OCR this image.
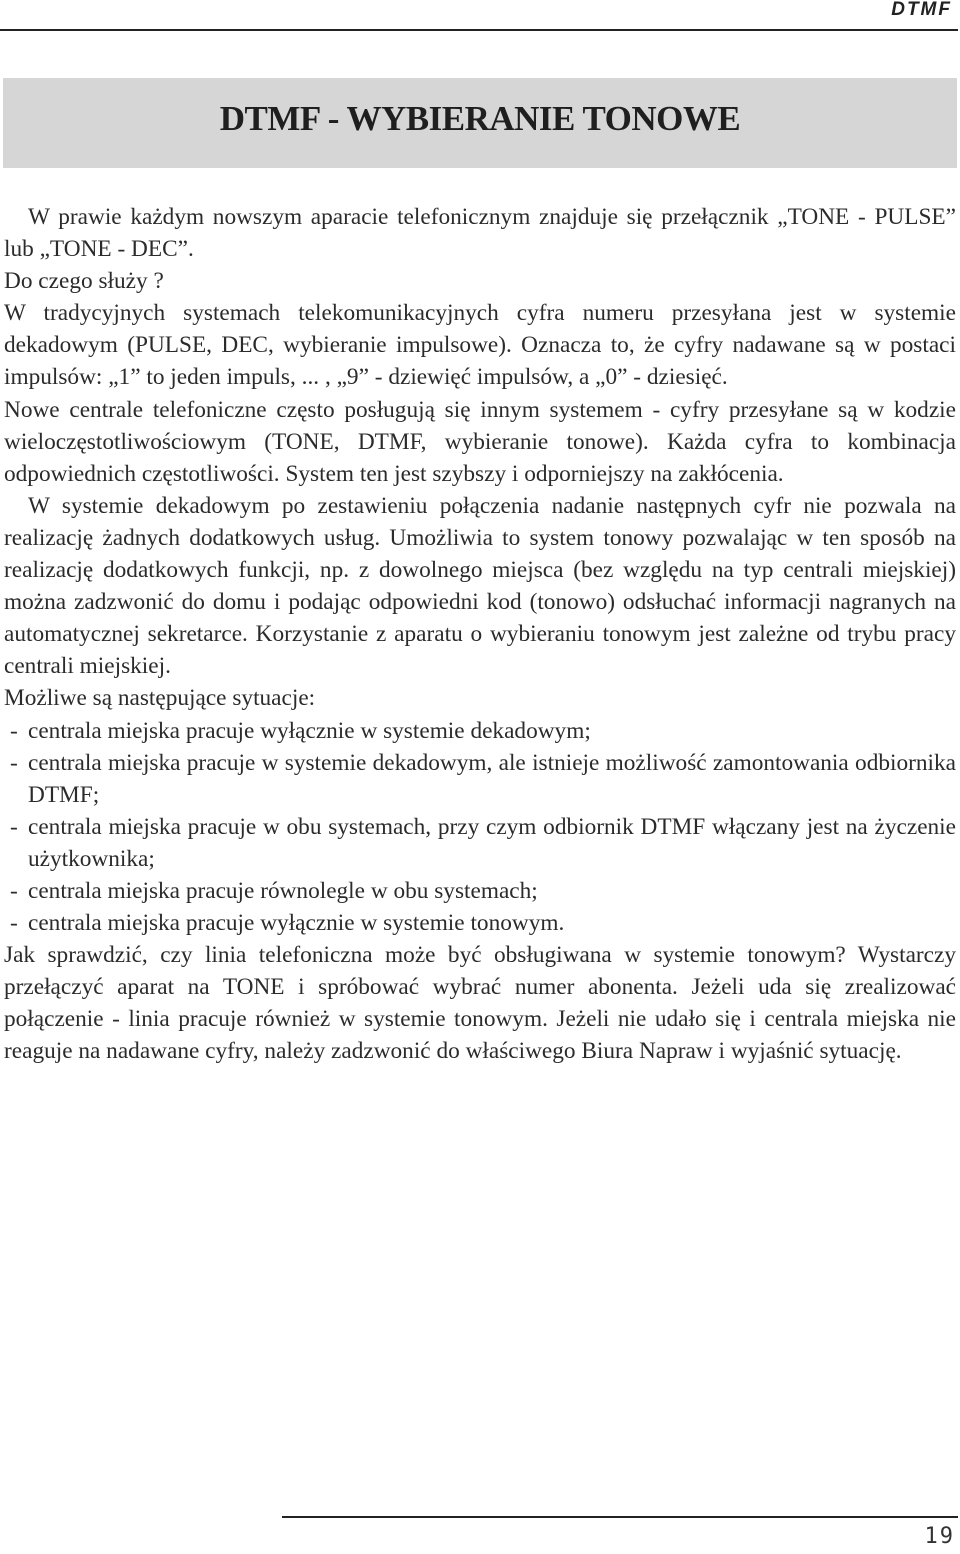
DTMF
DTMF - WYBIERANIE TONOWE

W prawie każdym nowszym aparacie telefonicznym znajduje się przełącznik „TONE - PULSE” lub „TONE - DEC”.

Do czego służy ?

W tradycyjnych systemach telekomunikacyjnych cyfra numeru przesyłana jest w systemie dekadowym (PULSE, DEC, wybieranie impulsowe). Oznacza to, że cyfry nadawane są w postaci impulsów: „1” to jeden impuls, ... , „9” - dziewięć impulsów, a „0” - dziesięć.

Nowe centrale telefoniczne często posługują się innym systemem - cyfry przesyłane są w kodzie wieloczęstotliwościowym (TONE, DTMF, wybieranie tonowe). Każda cyfra to kombinacja odpowiednich częstotliwości. System ten jest szybszy i odporniejszy na zakłócenia.

W systemie dekadowym po zestawieniu połączenia nadanie następnych cyfr nie pozwala na realizację żadnych dodatkowych usług. Umożliwia to system tonowy pozwalając w ten sposób na realizację dodatkowych funkcji, np. z dowolnego miejsca (bez względu na typ centrali miejskiej) można zadzwonić do domu i podając odpowiedni kod (tonowo) odsłuchać informacji nagranych na automatycznej sekretarce. Korzystanie z aparatu o wybieraniu tonowym jest zależne od trybu pracy centrali miejskiej.

Możliwe są następujące sytuacje:

- centrala miejska pracuje wyłącznie w systemie dekadowym;
- centrala miejska pracuje w systemie dekadowym, ale istnieje możliwość zamontowania odbiornika DTMF;
- centrala miejska pracuje w obu systemach, przy czym odbiornik DTMF włączany jest na życzenie użytkownika;
- centrala miejska pracuje równolegle w obu systemach;
- centrala miejska pracuje wyłącznie w systemie tonowym.

Jak sprawdzić, czy linia telefoniczna może być obsługiwana w systemie tonowym? Wystarczy przełączyć aparat na TONE i spróbować wybrać numer abonenta. Jeżeli uda się zrealizować połączenie - linia pracuje również w systemie tonowym. Jeżeli nie udało się i centrala miejska nie reaguje na nadawane cyfry, należy zadzwonić do właściwego Biura Napraw i wyjaśnić sytuację.

19
